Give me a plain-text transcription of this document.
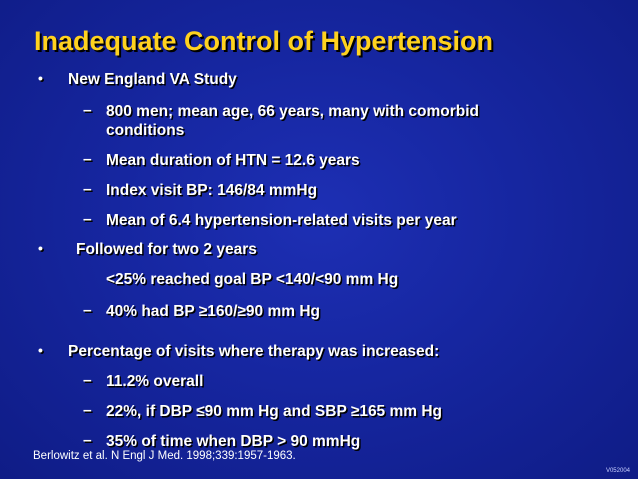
Inadequate Control of Hypertension
• New England VA Study
– 800 men; mean age, 66 years, many with comorbid
conditions
– Mean duration of HTN = 12.6 years
– Index visit BP: 146/84 mmHg
– Mean of 6.4 hypertension-related visits per year
• Followed for two 2 years
<25% reached goal BP <140/<90 mm Hg
– 40% had BP ≥160/≥90 mm Hg
• Percentage of visits where therapy was increased:
– 11.2% overall
– 22%, if DBP ≤90 mm Hg and SBP ≥165 mm Hg
– 35% of time when DBP > 90 mmHg
Berlowitz et al. N Engl J Med. 1998;339:1957-1963.
V052004
